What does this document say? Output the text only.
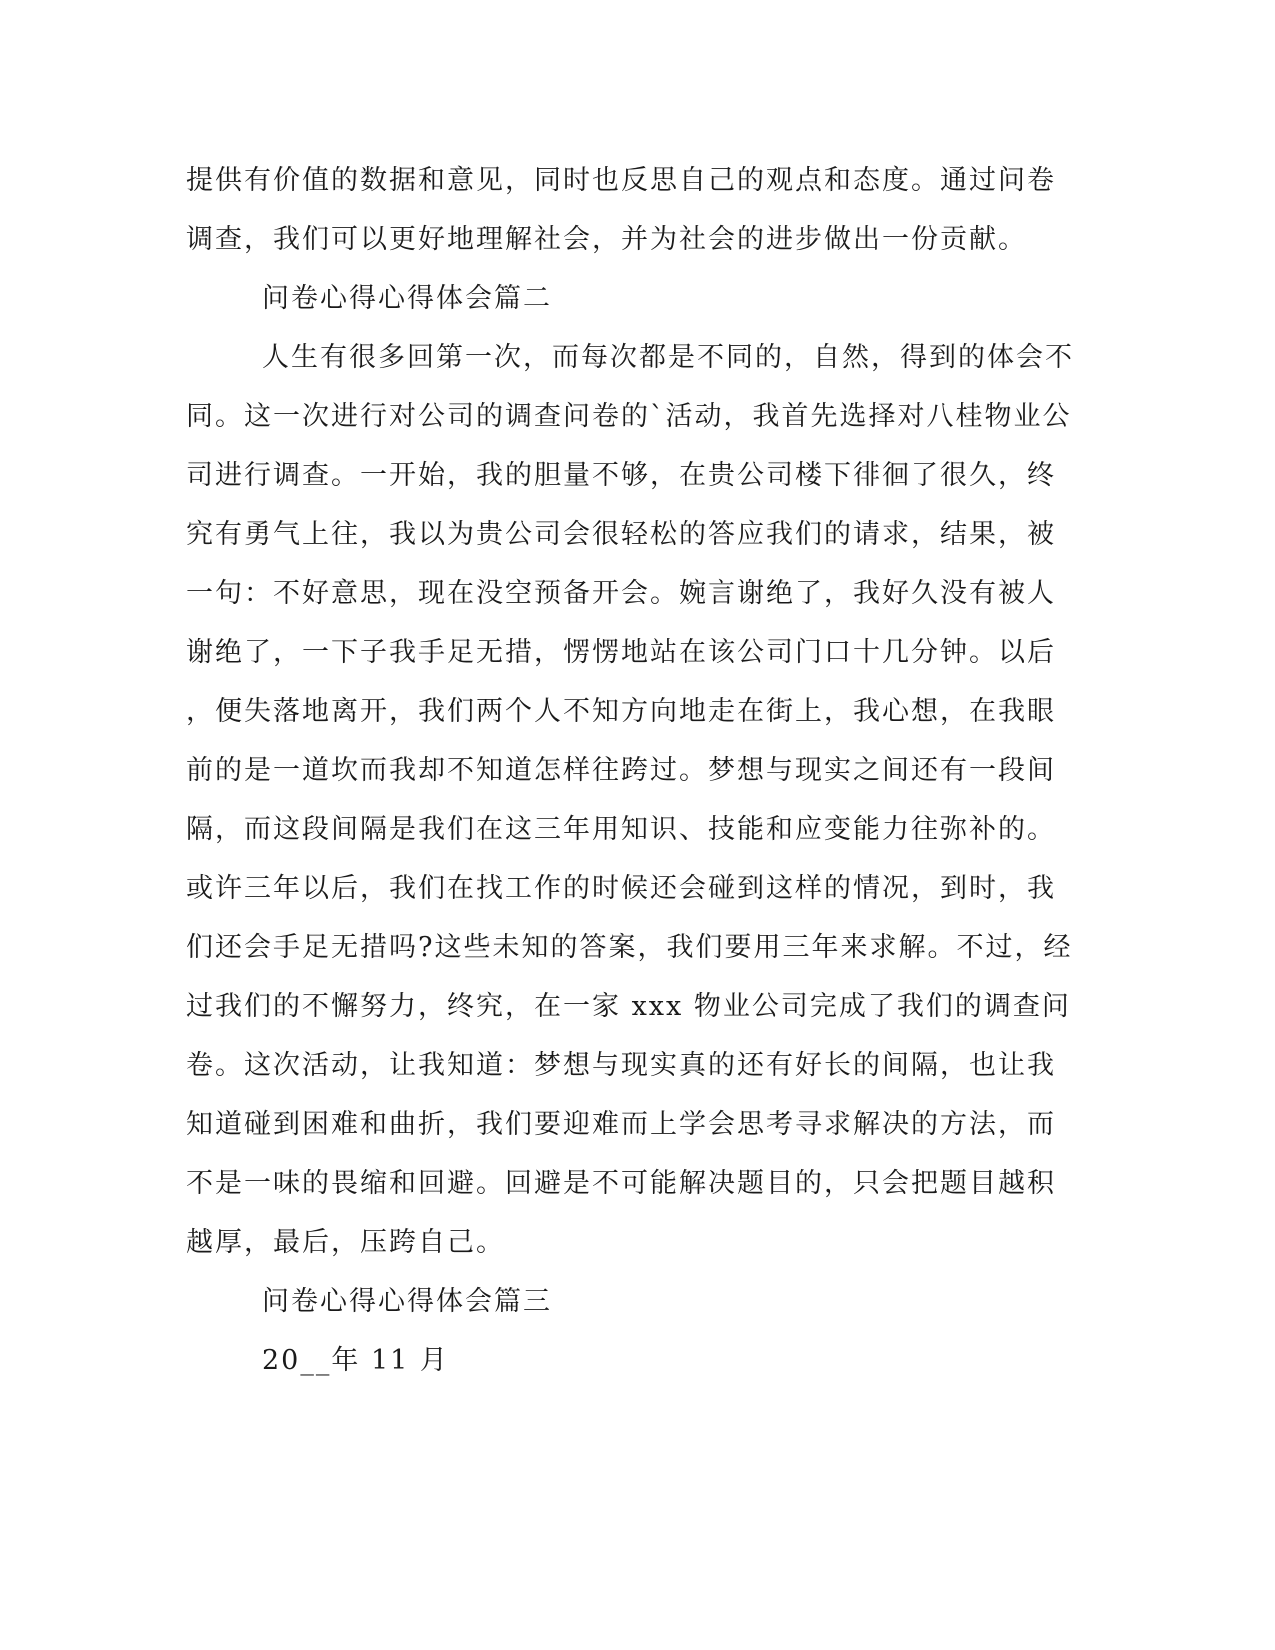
提供有价值的数据和意见，同时也反思自己的观点和态度。通过问卷
调查，我们可以更好地理解社会，并为社会的进步做出一份贡献。
问卷心得心得体会篇二
人生有很多回第一次，而每次都是不同的，自然，得到的体会不
同。这一次进行对公司的调查问卷的`活动，我首先选择对八桂物业公
司进行调查。一开始，我的胆量不够，在贵公司楼下徘徊了很久，终
究有勇气上往，我以为贵公司会很轻松的答应我们的请求，结果，被
一句：不好意思，现在没空预备开会。婉言谢绝了，我好久没有被人
谢绝了，一下子我手足无措，愣愣地站在该公司门口十几分钟。以后
，便失落地离开，我们两个人不知方向地走在街上，我心想，在我眼
前的是一道坎而我却不知道怎样往跨过。梦想与现实之间还有一段间
隔，而这段间隔是我们在这三年用知识、技能和应变能力往弥补的。
或许三年以后，我们在找工作的时候还会碰到这样的情况，到时，我
们还会手足无措吗?这些未知的答案，我们要用三年来求解。不过，经
过我们的不懈努力，终究，在一家 xxx 物业公司完成了我们的调查问
卷。这次活动，让我知道：梦想与现实真的还有好长的间隔，也让我
知道碰到困难和曲折，我们要迎难而上学会思考寻求解决的方法，而
不是一味的畏缩和回避。回避是不可能解决题目的，只会把题目越积
越厚，最后，压跨自己。
问卷心得心得体会篇三
20__年 11 月
